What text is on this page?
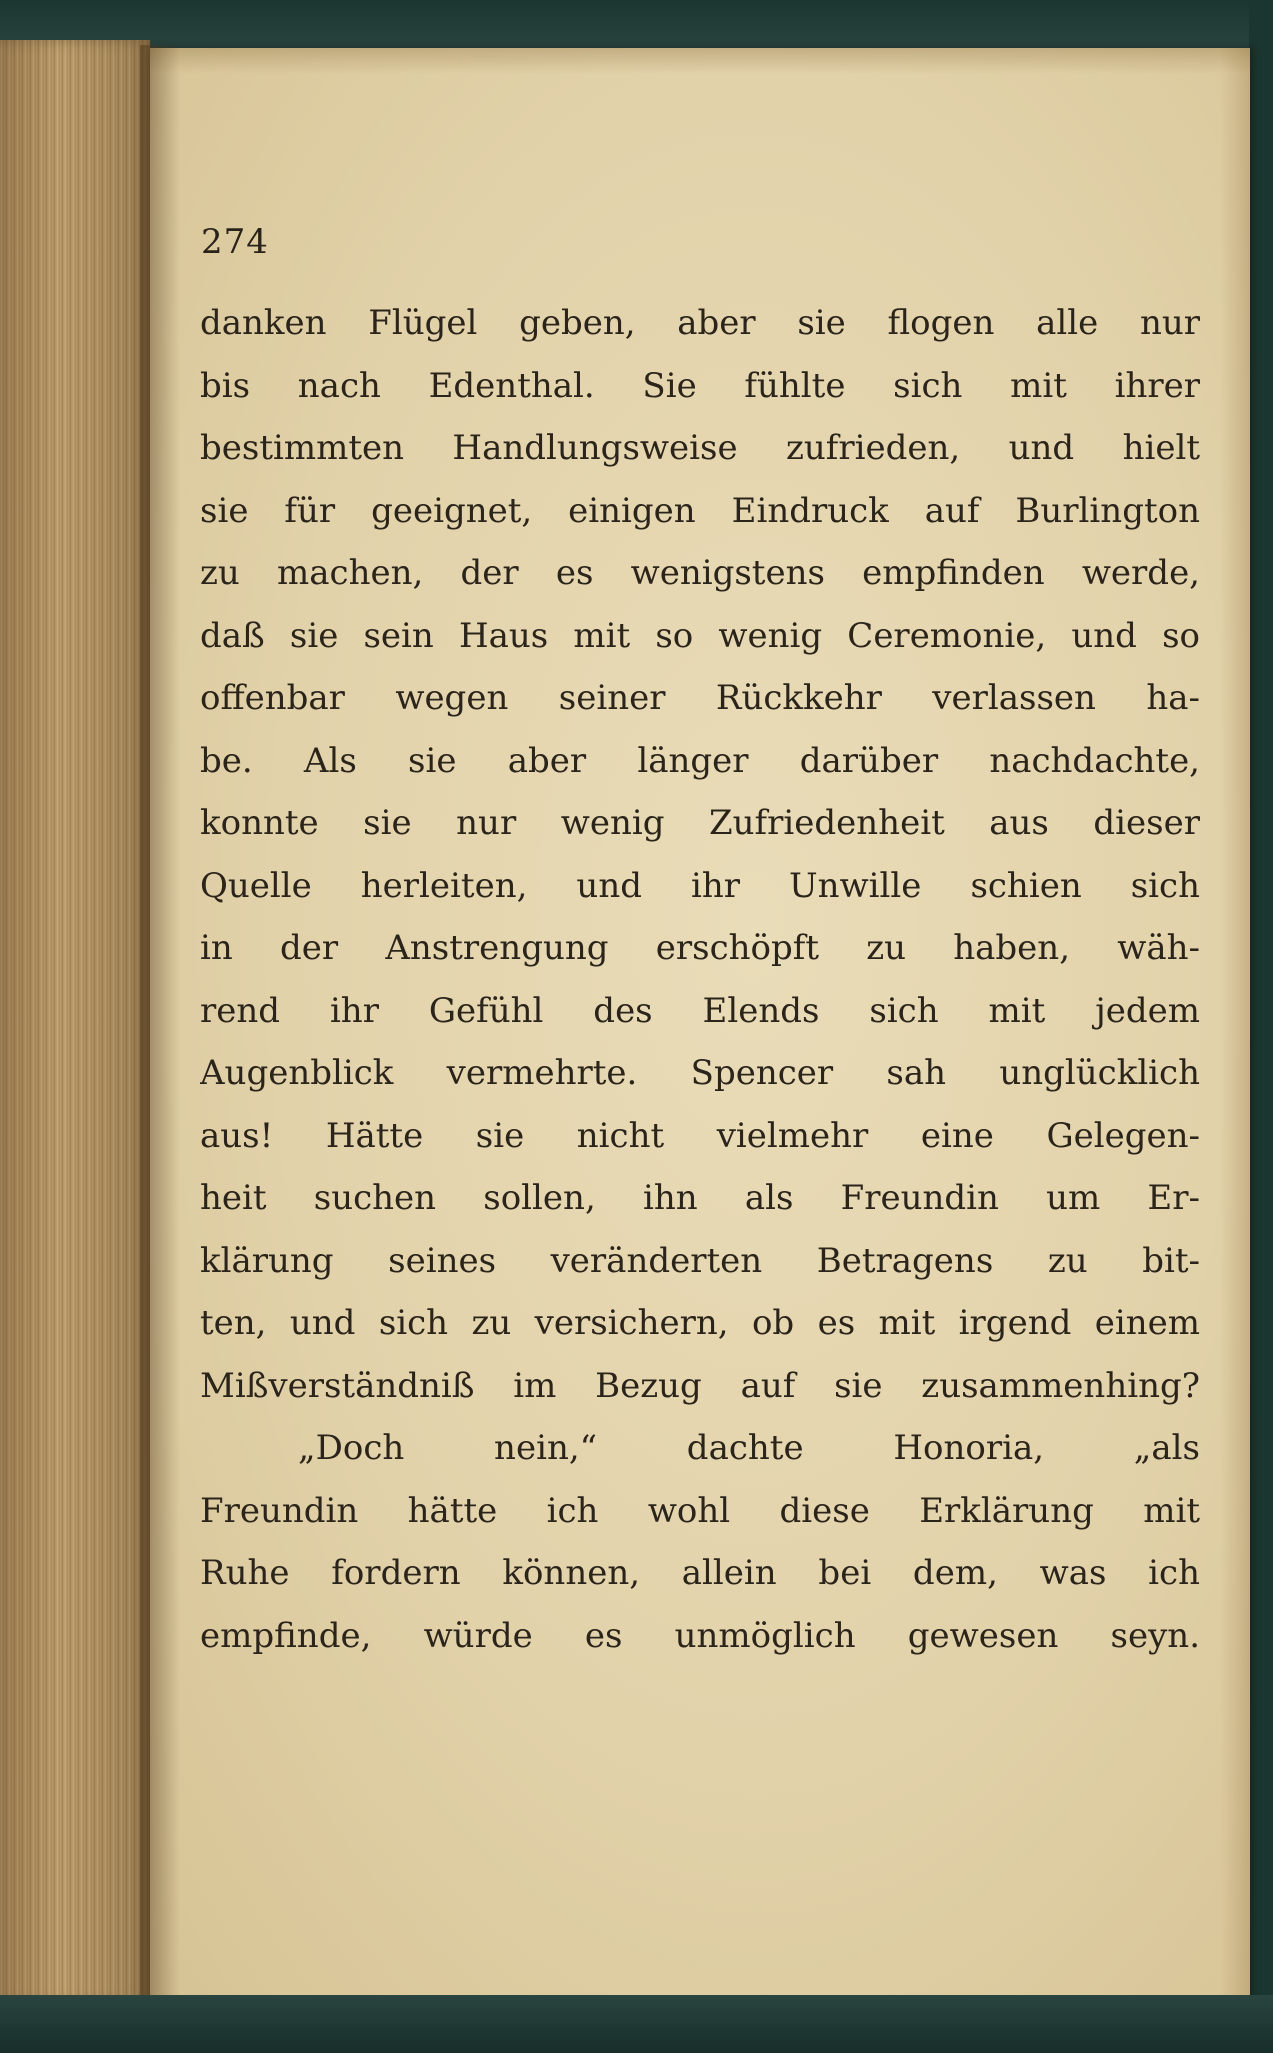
274
danken Flügel geben, aber sie flogen alle nur
bis nach Edenthal. Sie fühlte sich mit ihrer
bestimmten Handlungsweise zufrieden, und hielt
sie für geeignet, einigen Eindruck auf Burlington
zu machen, der es wenigstens empfinden werde,
daß sie sein Haus mit so wenig Ceremonie, und so
offenbar wegen seiner Rückkehr verlassen ha-
be. Als sie aber länger darüber nachdachte,
konnte sie nur wenig Zufriedenheit aus dieser
Quelle herleiten, und ihr Unwille schien sich
in der Anstrengung erschöpft zu haben, wäh-
rend ihr Gefühl des Elends sich mit jedem
Augenblick vermehrte. Spencer sah unglücklich
aus! Hätte sie nicht vielmehr eine Gelegen-
heit suchen sollen, ihn als Freundin um Er-
klärung seines veränderten Betragens zu bit-
ten, und sich zu versichern, ob es mit irgend einem
Mißverständniß im Bezug auf sie zusammenhing?
„Doch nein,“ dachte Honoria, „als
Freundin hätte ich wohl diese Erklärung mit
Ruhe fordern können, allein bei dem, was ich
empfinde, würde es unmöglich gewesen seyn.
